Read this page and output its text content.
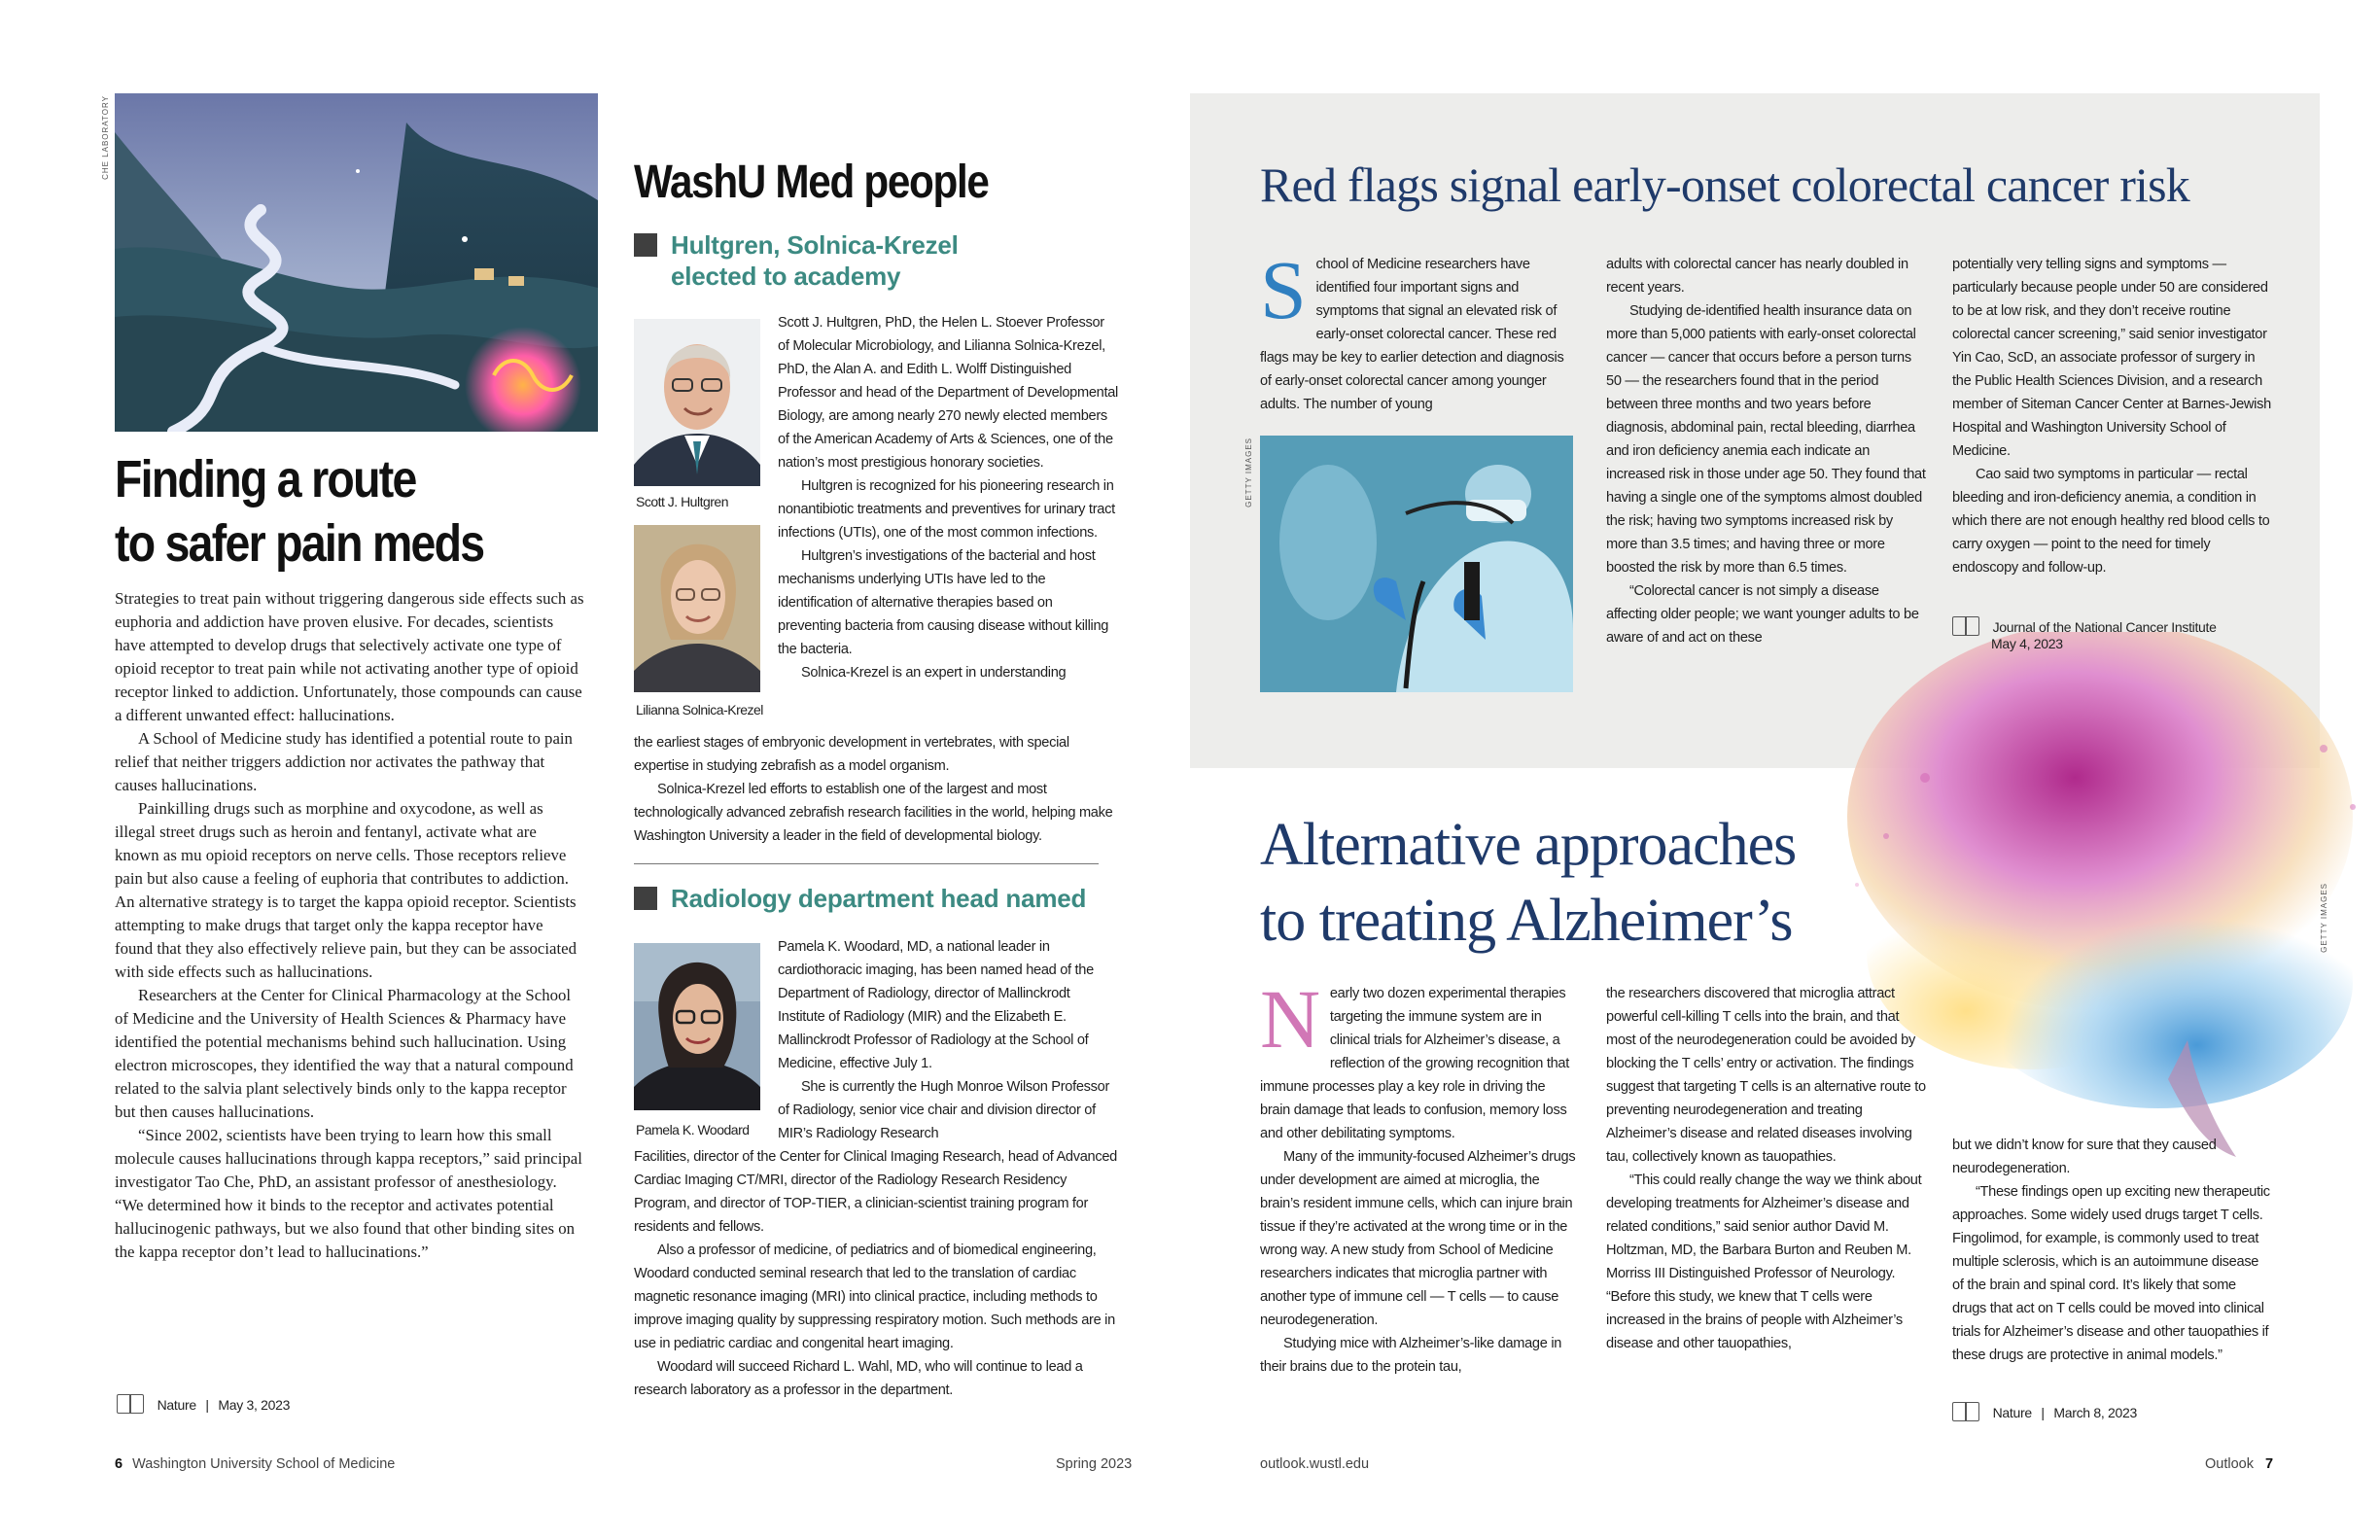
CHE LABORATORY
Finding a route
to safer pain meds

Strategies to treat pain without triggering dangerous side effects such as euphoria and addiction have proven elusive. For decades, scientists have attempted to develop drugs that selectively activate one type of opioid receptor to treat pain while not activating another type of opioid receptor linked to addiction. Unfortunately, those compounds can cause a different unwanted effect: hallucinations.

A School of Medicine study has identified a potential route to pain relief that neither triggers addiction nor activates the pathway that causes hallucinations.

Painkilling drugs such as morphine and oxycodone, as well as illegal street drugs such as heroin and fentanyl, activate what are known as mu opioid receptors on nerve cells. Those receptors relieve pain but also cause a feeling of euphoria that contributes to addiction. An alternative strategy is to target the kappa opioid receptor. Scientists attempting to make drugs that target only the kappa receptor have found that they also effectively relieve pain, but they can be associated with side effects such as hallucinations.

Researchers at the Center for Clinical Pharmacology at the School of Medicine and the University of Health Sciences & Pharmacy have identified the potential mechanisms behind such hallucination. Using electron microscopes, they identified the way that a natural compound related to the salvia plant selectively binds only to the kappa receptor but then causes hallucinations.

“Since 2002, scientists have been trying to learn how this small molecule causes hallucinations through kappa receptors,” said principal investigator Tao Che, PhD, an assistant professor of anesthesiology. “We determined how it binds to the receptor and activates potential hallucinogenic pathways, but we also found that other binding sites on the kappa receptor don’t lead to hallucinations.”

Nature | May 3, 2023
WashU Med people
Hultgren, Solnica-Krezel
elected to academy
Scott J. Hultgren
Lilianna Solnica-Krezel

Scott J. Hultgren, PhD, the Helen L. Stoever Professor of Molecular Microbiology, and Lilianna Solnica-Krezel, PhD, the Alan A. and Edith L. Wolff Distinguished Professor and head of the Department of Developmental Biology, are among nearly 270 newly elected members of the American Academy of Arts & Sciences, one of the nation’s most prestigious honorary societies.

Hultgren is recognized for his pioneering research in nonantibiotic treatments and preventives for urinary tract infections (UTIs), one of the most common infections.

Hultgren’s investigations of the bacterial and host mechanisms underlying UTIs have led to the identification of alternative therapies based on preventing bacteria from causing disease without killing the bacteria.

Solnica-Krezel is an expert in understanding

the earliest stages of embryonic development in vertebrates, with special expertise in studying zebrafish as a model organism.

Solnica-Krezel led efforts to establish one of the largest and most technologically advanced zebrafish research facilities in the world, helping make Washington University a leader in the field of developmental biology.

Radiology department head named
Pamela K. Woodard

Pamela K. Woodard, MD, a national leader in cardiothoracic imaging, has been named head of the Department of Radiology, director of Mallinckrodt Institute of Radiology (MIR) and the Elizabeth E. Mallinckrodt Professor of Radiology at the School of Medicine, effective July 1.

She is currently the Hugh Monroe Wilson Professor of Radiology, senior vice chair and division director of MIR’s Radiology Research

Facilities, director of the Center for Clinical Imaging Research, head of Advanced Cardiac Imaging CT/MRI, director of the Radiology Research Residency Program, and director of TOP-TIER, a clinician-scientist training program for residents and fellows.

Also a professor of medicine, of pediatrics and of biomedical engineering, Woodard conducted seminal research that led to the translation of cardiac magnetic resonance imaging (MRI) into clinical practice, including methods to improve imaging quality by suppressing respiratory motion. Such methods are in use in pediatric cardiac and congenital heart imaging.

Woodard will succeed Richard L. Wahl, MD, who will continue to lead a research laboratory as a professor in the department.

6 Washington University School of Medicine	Spring 2023
Red flags signal early-onset colorectal cancer risk
S chool of Medicine researchers have identified four important signs and symptoms that signal an elevated risk of early-onset colorectal cancer. These red flags may be key to earlier detection and diagnosis of early-onset colorectal cancer among younger adults. The number of young
GETTY IMAGES

adults with colorectal cancer has nearly doubled in recent years.

Studying de-identified health insurance data on more than 5,000 patients with early-onset colorectal cancer — cancer that occurs before a person turns 50 — the researchers found that in the period between three months and two years before diagnosis, abdominal pain, rectal bleeding, diarrhea and iron deficiency anemia each indicate an increased risk in those under age 50. They found that having a single one of the symptoms almost doubled the risk; having two symptoms increased risk by more than 3.5 times; and having three or more boosted the risk by more than 6.5 times.

“Colorectal cancer is not simply a disease affecting older people; we want younger adults to be aware of and act on these

potentially very telling signs and symptoms — particularly because people under 50 are considered to be at low risk, and they don’t receive routine colorectal cancer screening,” said senior investigator Yin Cao, ScD, an associate professor of surgery in the Public Health Sciences Division, and a research member of Siteman Cancer Center at Barnes-Jewish Hospital and Washington University School of Medicine.

Cao said two symptoms in particular — rectal bleeding and iron-deficiency anemia, a condition in which there are not enough healthy red blood cells to carry oxygen — point to the need for timely endoscopy and follow-up.

Journal of the National Cancer Institute
May 4, 2023
Alternative approaches
to treating Alzheimer’s	GETTY IMAGES

N early two dozen experimental therapies targeting the immune system are in clinical trials for Alzheimer’s disease, a reflection of the growing recognition that immune processes play a key role in driving the brain damage that leads to confusion, memory loss and other debilitating symptoms.

Many of the immunity-focused Alzheimer’s drugs under development are aimed at microglia, the brain’s resident immune cells, which can injure brain tissue if they’re activated at the wrong time or in the wrong way. A new study from School of Medicine researchers indicates that microglia partner with another type of immune cell — T cells — to cause neurodegeneration.

Studying mice with Alzheimer’s-like damage in their brains due to the protein tau,

the researchers discovered that microglia attract powerful cell-killing T cells into the brain, and that most of the neurodegeneration could be avoided by blocking the T cells’ entry or activation. The findings suggest that targeting T cells is an alternative route to preventing neurodegeneration and treating Alzheimer’s disease and related diseases involving tau, collectively known as tauopathies.

“This could really change the way we think about developing treatments for Alzheimer’s disease and related conditions,” said senior author David M. Holtzman, MD, the Barbara Burton and Reuben M. Morriss III Distinguished Professor of Neurology. “Before this study, we knew that T cells were increased in the brains of people with Alzheimer’s disease and other tauopathies,

but we didn’t know for sure that they caused neurodegeneration.

“These findings open up exciting new therapeutic approaches. Some widely used drugs target T cells. Fingolimod, for example, is commonly used to treat multiple sclerosis, which is an autoimmune disease of the brain and spinal cord. It’s likely that some drugs that act on T cells could be moved into clinical trials for Alzheimer’s disease and other tauopathies if these drugs are protective in animal models.”

Nature | March 8, 2023
outlook.wustl.edu	Outlook 7
